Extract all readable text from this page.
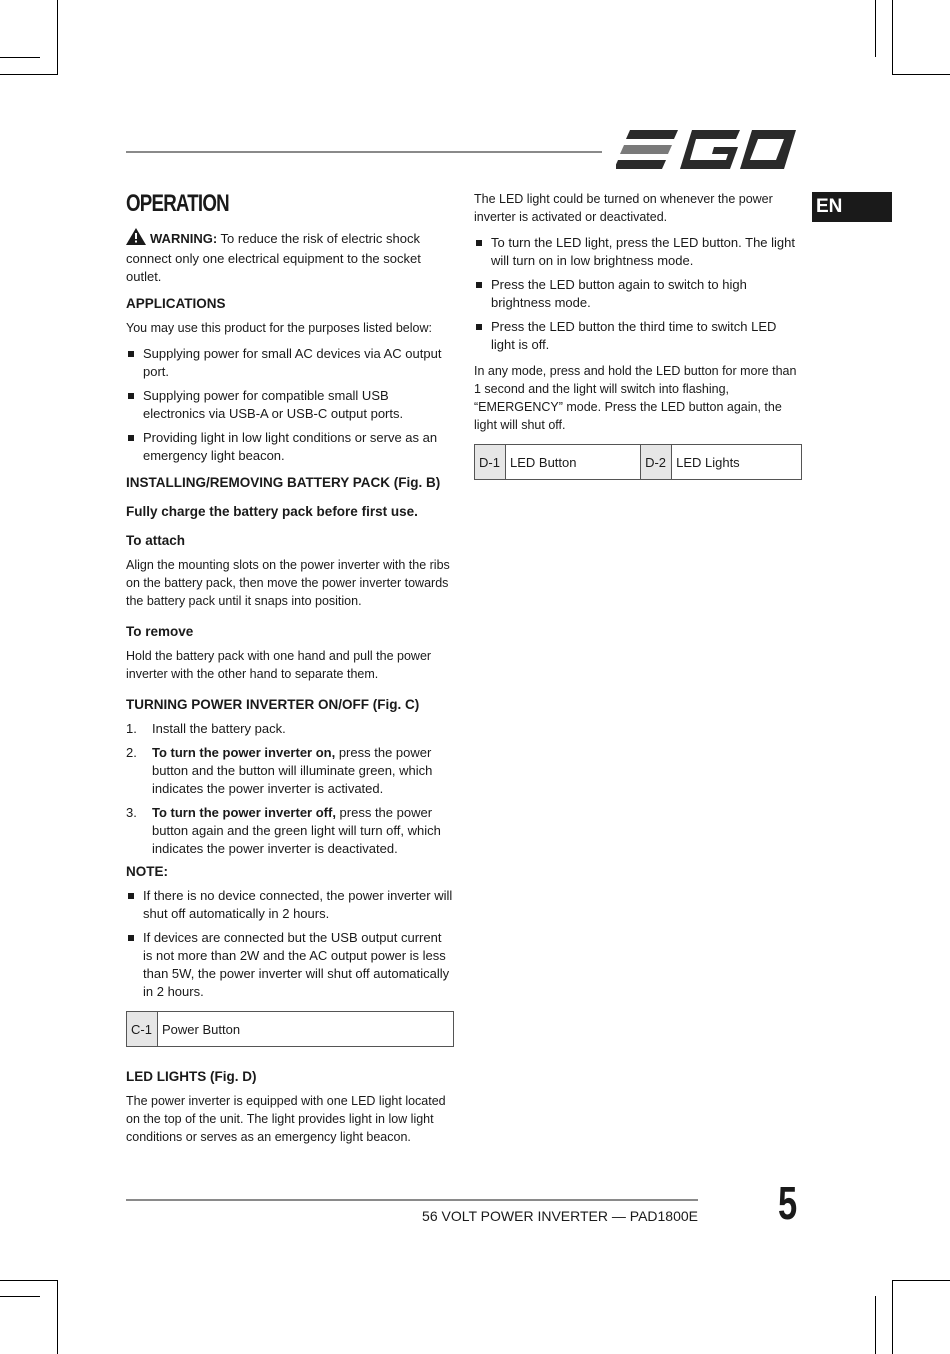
EN
OPERATION

WARNING: To reduce the risk of electric shock connect only one electrical equipment to the socket outlet.

APPLICATIONS

You may use this product for the purposes listed below:

Supplying power for small AC devices via AC output port.
Supplying power for compatible small USB electronics via USB-A or USB-C output ports.
Providing light in low light conditions or serve as an emergency light beacon.
INSTALLING/REMOVING BATTERY PACK (Fig. B)
Fully charge the battery pack before first use.
To attach

Align the mounting slots on the power inverter with the ribs on the battery pack, then move the power inverter towards the battery pack until it snaps into position.

To remove

Hold the battery pack with one hand and pull the power inverter with the other hand to separate them.

TURNING POWER INVERTER ON/OFF (Fig. C)
1. Install the battery pack.
2. To turn the power inverter on, press the power button and the button will illuminate green, which indicates the power inverter is activated.
3. To turn the power inverter off, press the power button again and the green light will turn off, which indicates the power inverter is deactivated.
NOTE:
If there is no device connected, the power inverter will shut off automatically in 2 hours.
If devices are connected but the USB output current is not more than 2W and the AC output power is less than 5W, the power inverter will shut off automatically in 2 hours.
C-1	Power Button
LED LIGHTS (Fig. D)

The power inverter is equipped with one LED light located on the top of the unit. The light provides light in low light conditions or serves as an emergency light beacon.

The LED light could be turned on whenever the power inverter is activated or deactivated.

To turn the LED light, press the LED button. The light will turn on in low brightness mode.
Press the LED button again to switch to high brightness mode.
Press the LED button the third time to switch LED light is off.

In any mode, press and hold the LED button for more than 1 second and the light will switch into flashing, “EMERGENCY” mode. Press the LED button again, the light will shut off.

D-1	LED Button	D-2	LED Lights
56 VOLT POWER INVERTER — PAD1800E 5
